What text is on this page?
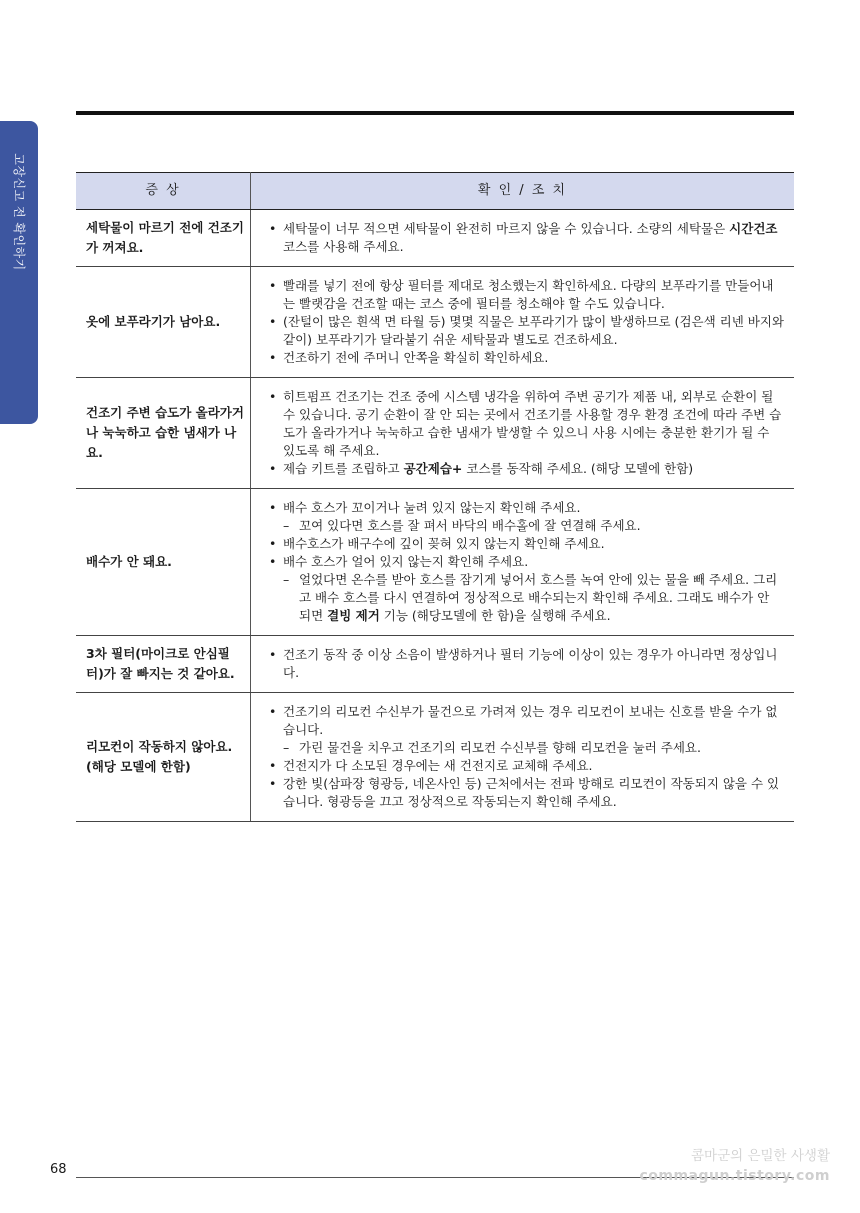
고장신고 전 확인하기	증 상	확 인 / 조 치
세탁물이 마르기 전에 건조기가 꺼져요.	• 세탁물이 너무 적으면 세탁물이 완전히 마르지 않을 수 있습니다. 소량의 세탁물은 시간건조 코스를 사용해 주세요.

옷에 보푸라기가 남아요.	• 빨래를 넣기 전에 항상 필터를 제대로 청소했는지 확인하세요. 다량의 보푸라기를 만들어내는 빨랫감을 건조할 때는 코스 중에 필터를 청소해야 할 수도 있습니다.
• (잔털이 많은 흰색 면 타월 등) 몇몇 직물은 보푸라기가 많이 발생하므로 (검은색 리넨 바지와 같이) 보푸라기가 달라붙기 쉬운 세탁물과 별도로 건조하세요.
• 건조하기 전에 주머니 안쪽을 확실히 확인하세요.

건조기 주변 습도가 올라가거나 눅눅하고 습한 냄새가 나요.	• 히트펌프 건조기는 건조 중에 시스템 냉각을 위하여 주변 공기가 제품 내, 외부로 순환이 될 수 있습니다. 공기 순환이 잘 안 되는 곳에서 건조기를 사용할 경우 환경 조건에 따라 주변 습도가 올라가거나 눅눅하고 습한 냄새가 발생할 수 있으니 사용 시에는 충분한 환기가 될 수 있도록 해 주세요.
• 제습 키트를 조립하고 공간제습+ 코스를 동작해 주세요. (해당 모델에 한함)

배수가 안 돼요.	• 배수 호스가 꼬이거나 눌려 있지 않는지 확인해 주세요.
– 꼬여 있다면 호스를 잘 펴서 바닥의 배수홀에 잘 연결해 주세요.
• 배수호스가 배구수에 깊이 꽂혀 있지 않는지 확인해 주세요.
• 배수 호스가 얼어 있지 않는지 확인해 주세요.
– 얼었다면 온수를 받아 호스를 잠기게 넣어서 호스를 녹여 안에 있는 물을 빼 주세요. 그리고 배수 호스를 다시 연결하여 정상적으로 배수되는지 확인해 주세요. 그래도 배수가 안 되면 결빙 제거 기능 (해당모델에 한 함)을 실행해 주세요.

3차 필터(마이크로 안심필터)가 잘 빠지는 것 같아요.	• 건조기 동작 중 이상 소음이 발생하거나 필터 기능에 이상이 있는 경우가 아니라면 정상입니다.

리모컨이 작동하지 않아요. (해당 모델에 한함)	• 건조기의 리모컨 수신부가 물건으로 가려져 있는 경우 리모컨이 보내는 신호를 받을 수가 없습니다.
– 가린 물건을 치우고 건조기의 리모컨 수신부를 향해 리모컨을 눌러 주세요.
• 건전지가 다 소모된 경우에는 새 건전지로 교체해 주세요.
• 강한 빛(삼파장 형광등, 네온사인 등) 근처에서는 전파 방해로 리모컨이 작동되지 않을 수 있습니다. 형광등을 끄고 정상적으로 작동되는지 확인해 주세요.
68
콤마군의 은밀한 사생활
commagun.tistory.com
